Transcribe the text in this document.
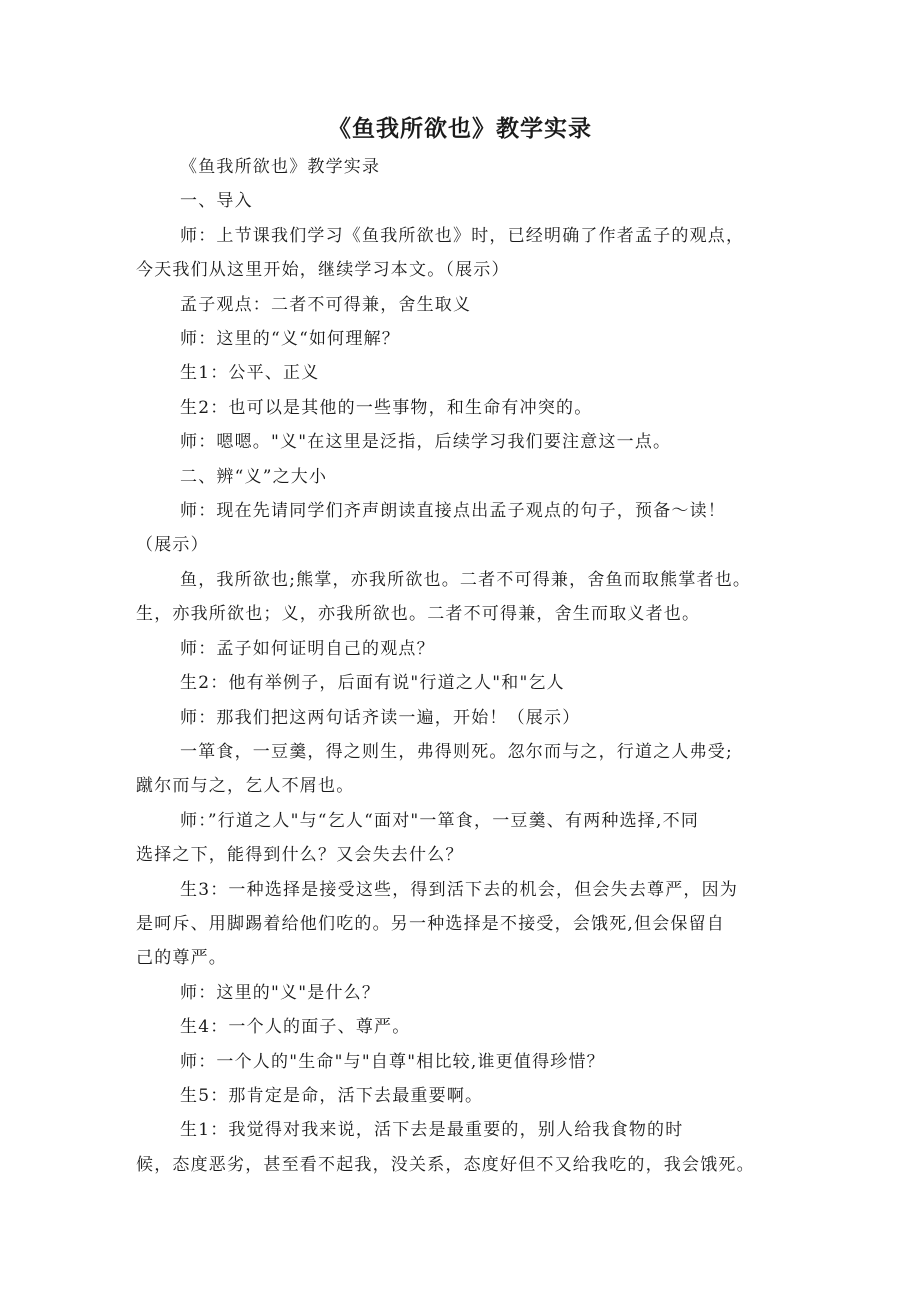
《鱼我所欲也》教学实录

《鱼我所欲也》教学实录

一、导入

师：上节课我们学习《鱼我所欲也》时，已经明确了作者孟子的观点，

今天我们从这里开始，继续学习本文。（展示）

孟子观点：二者不可得兼，舍生取义

师：这里的“义“如何理解？

生1：公平、正义

生2：也可以是其他的一些事物，和生命有冲突的。

师：嗯嗯。"义"在这里是泛指，后续学习我们要注意这一点。

二、辨“义”之大小

师：现在先请同学们齐声朗读直接点出孟子观点的句子，预备～读！

（展示）

鱼，我所欲也;熊掌，亦我所欲也。二者不可得兼，舍鱼而取熊掌者也。

生，亦我所欲也；义，亦我所欲也。二者不可得兼，舍生而取义者也。

师：孟子如何证明自己的观点？

生2：他有举例子，后面有说"行道之人"和"乞人

师：那我们把这两句话齐读一遍，开始！（展示）

一箪食，一豆羹，得之则生，弗得则死。忽尔而与之，行道之人弗受;

蹴尔而与之，乞人不屑也。

师：”行道之人"与“乞人“面对"一箪食，一豆羹、有两种选择,不同

选择之下，能得到什么？又会失去什么？

生3：一种选择是接受这些，得到活下去的机会，但会失去尊严，因为

是呵斥、用脚踢着给他们吃的。另一种选择是不接受，会饿死,但会保留自

己的尊严。

师：这里的"义"是什么？

生4：一个人的面子、尊严。

师：一个人的"生命"与"自尊"相比较,谁更值得珍惜？

生5：那肯定是命，活下去最重要啊。

生1：我觉得对我来说，活下去是最重要的，别人给我食物的时

候，态度恶劣，甚至看不起我，没关系，态度好但不又给我吃的，我会饿死。
